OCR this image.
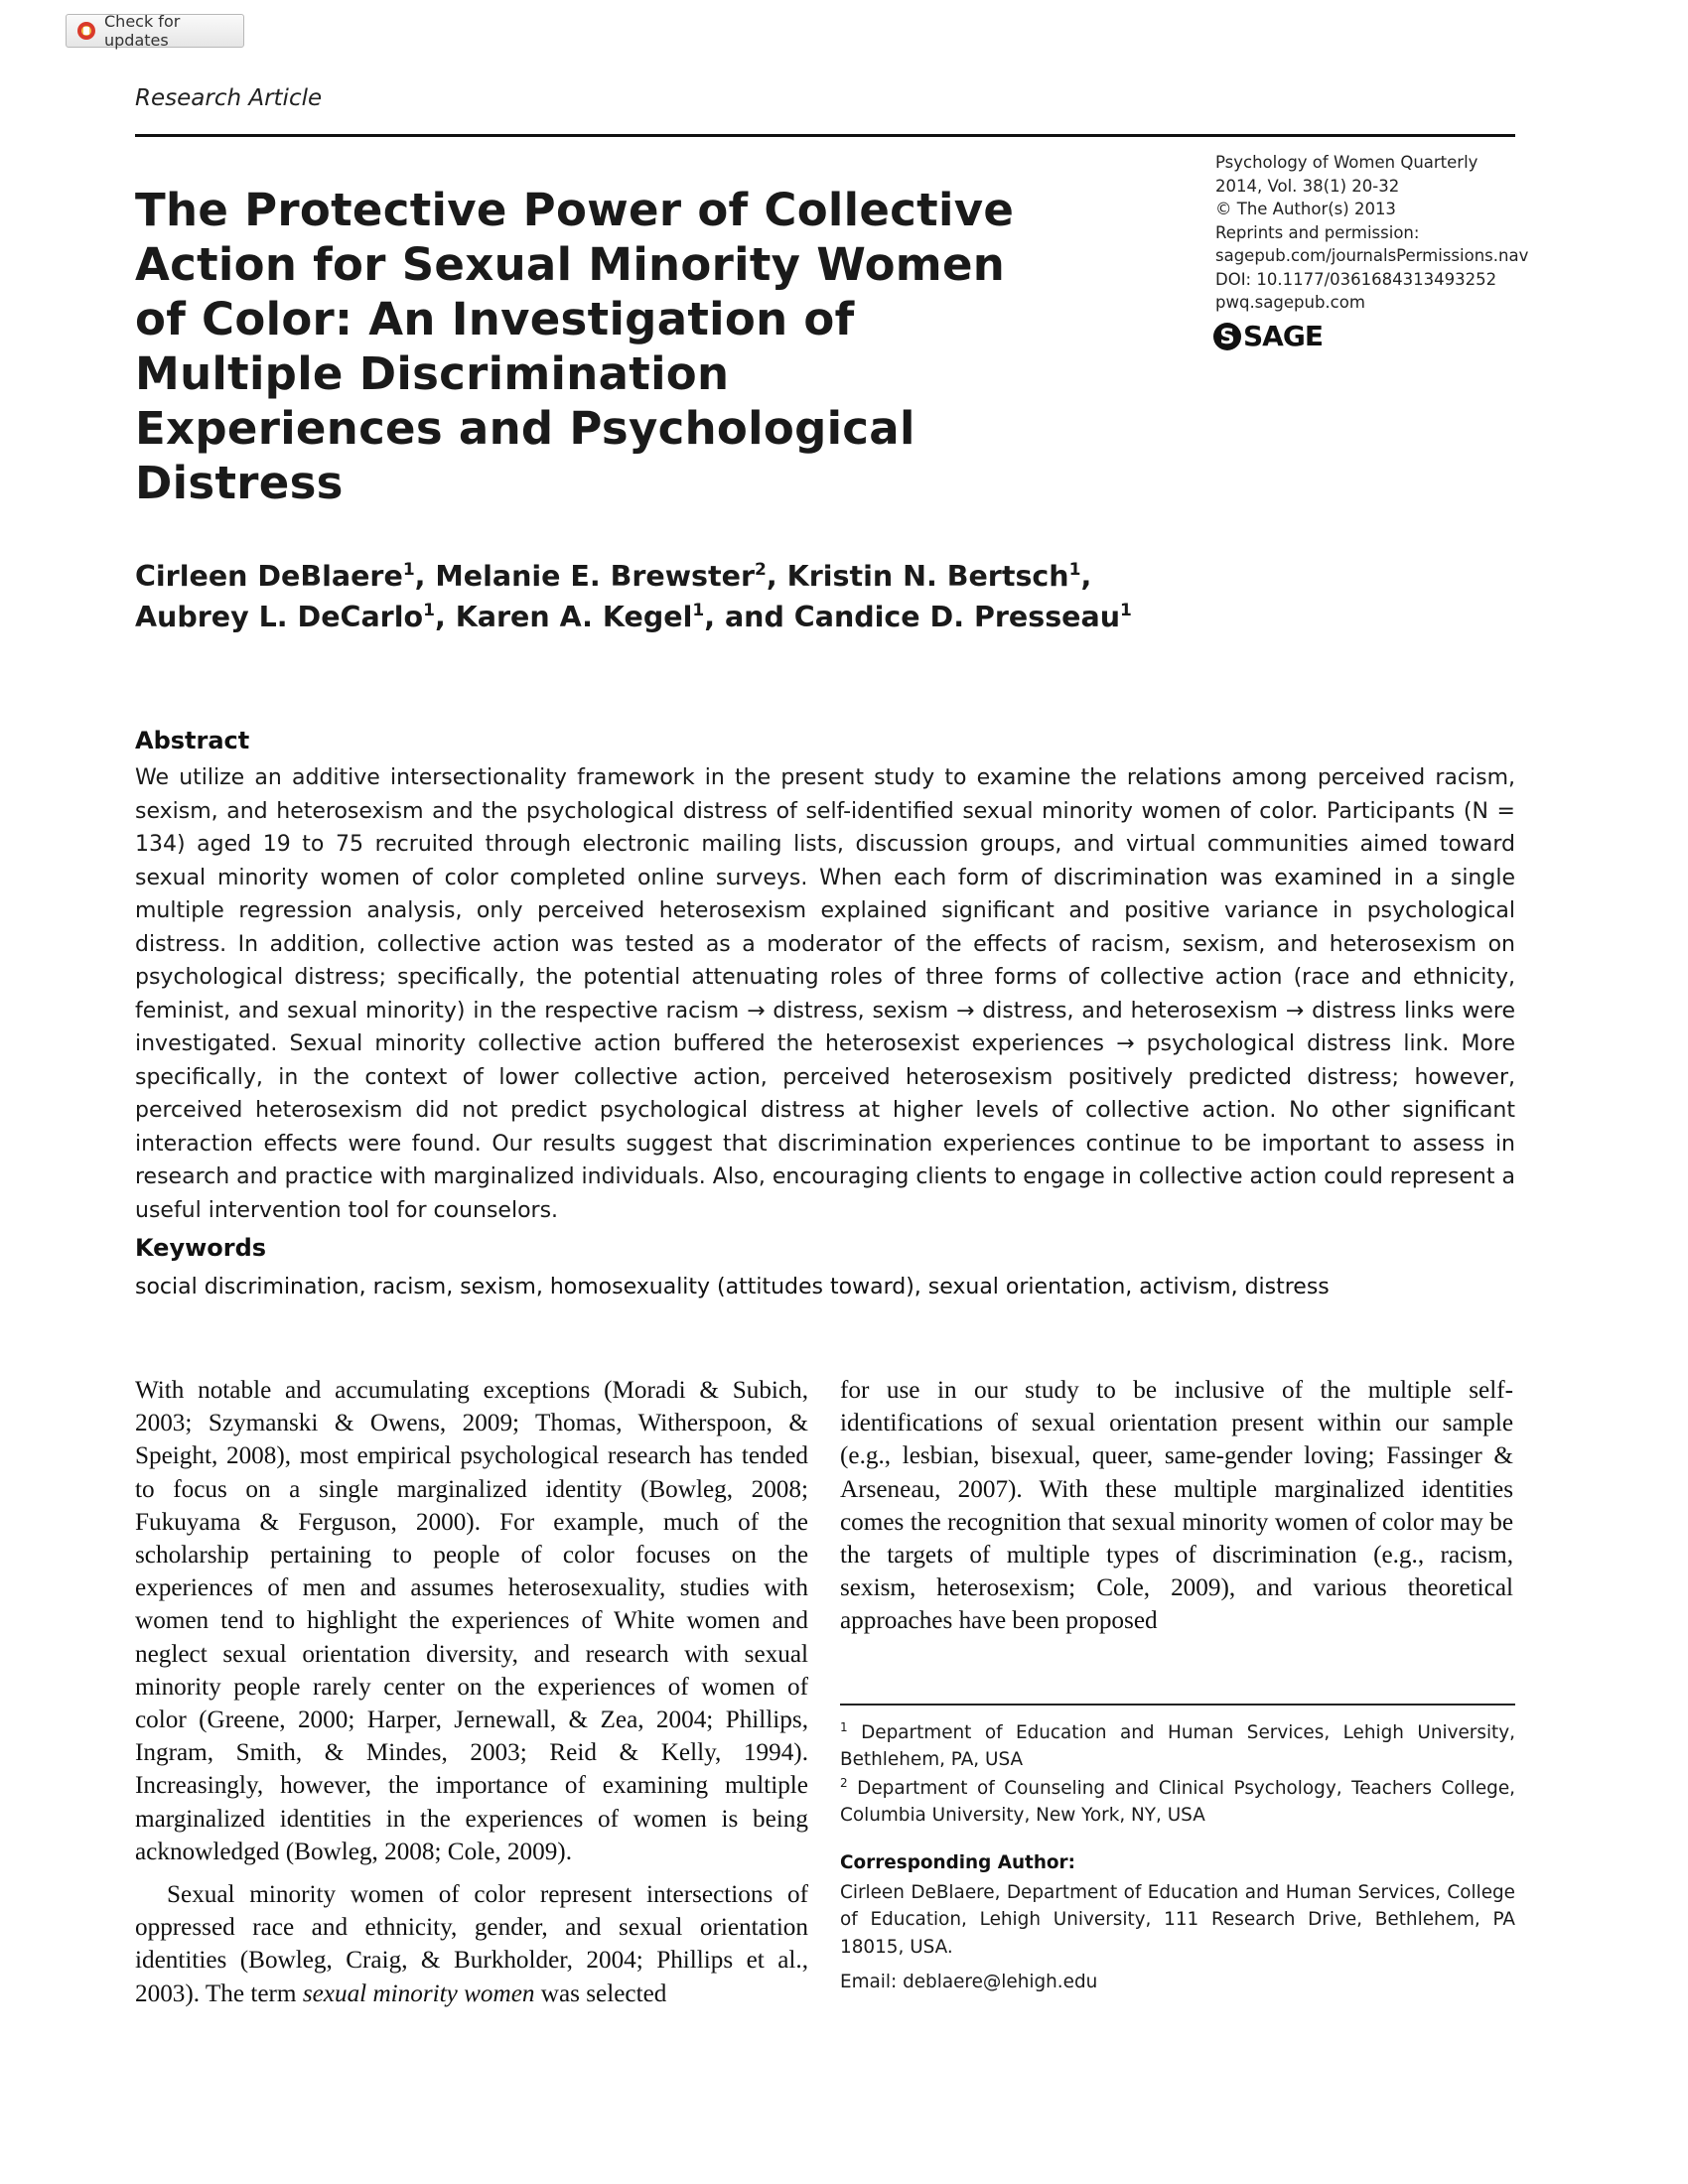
Check for updates
Research Article
The Protective Power of Collective Action for Sexual Minority Women of Color: An Investigation of Multiple Discrimination Experiences and Psychological Distress
Psychology of Women Quarterly
2014, Vol. 38(1) 20-32
© The Author(s) 2013
Reprints and permission:
sagepub.com/journalsPermissions.nav
DOI: 10.1177/0361684313493252
pwq.sagepub.com
S SAGE
Cirleen DeBlaere$^1$, Melanie E. Brewster$^2$, Kristin N. Bertsch$^1$,
Aubrey L. DeCarlo$^1$, Karen A. Kegel$^1$, and Candice D. Presseau$^1$
Abstract
We utilize an additive intersectionality framework in the present study to examine the relations among perceived racism, sexism, and heterosexism and the psychological distress of self-identified sexual minority women of color. Participants (N = 134) aged 19 to 75 recruited through electronic mailing lists, discussion groups, and virtual communities aimed toward sexual minority women of color completed online surveys. When each form of discrimination was examined in a single multiple regression analysis, only perceived heterosexism explained significant and positive variance in psychological distress. In addition, collective action was tested as a moderator of the effects of racism, sexism, and heterosexism on psychological distress; specifically, the potential attenuating roles of three forms of collective action (race and ethnicity, feminist, and sexual minority) in the respective racism → distress, sexism → distress, and heterosexism → distress links were investigated. Sexual minority collective action buffered the heterosexist experiences → psychological distress link. More specifically, in the context of lower collective action, perceived heterosexism positively predicted distress; however, perceived heterosexism did not predict psychological distress at higher levels of collective action. No other significant interaction effects were found. Our results suggest that discrimination experiences continue to be important to assess in research and practice with marginalized individuals. Also, encouraging clients to engage in collective action could represent a useful intervention tool for counselors.
Keywords
social discrimination, racism, sexism, homosexuality (attitudes toward), sexual orientation, activism, distress

With notable and accumulating exceptions (Moradi & Subich, 2003; Szymanski & Owens, 2009; Thomas, Witherspoon, & Speight, 2008), most empirical psychological research has tended to focus on a single marginalized identity (Bowleg, 2008; Fukuyama & Ferguson, 2000). For example, much of the scholarship pertaining to people of color focuses on the experiences of men and assumes heterosexuality, studies with women tend to highlight the experiences of White women and neglect sexual orientation diversity, and research with sexual minority people rarely center on the experiences of women of color (Greene, 2000; Harper, Jernewall, & Zea, 2004; Phillips, Ingram, Smith, & Mindes, 2003; Reid & Kelly, 1994). Increasingly, however, the importance of examining multiple marginalized identities in the experiences of women is being acknowledged (Bowleg, 2008; Cole, 2009).

Sexual minority women of color represent intersections of oppressed race and ethnicity, gender, and sexual orientation identities (Bowleg, Craig, & Burkholder, 2004; Phillips et al., 2003). The term sexual minority women was selected

for use in our study to be inclusive of the multiple self-identifications of sexual orientation present within our sample (e.g., lesbian, bisexual, queer, same-gender loving; Fassinger & Arseneau, 2007). With these multiple marginalized identities comes the recognition that sexual minority women of color may be the targets of multiple types of discrimination (e.g., racism, sexism, heterosexism; Cole, 2009), and various theoretical approaches have been proposed

$^1$ Department of Education and Human Services, Lehigh University, Bethlehem, PA, USA
$^2$ Department of Counseling and Clinical Psychology, Teachers College, Columbia University, New York, NY, USA
Corresponding Author:
Cirleen DeBlaere, Department of Education and Human Services, College of Education, Lehigh University, 111 Research Drive, Bethlehem, PA 18015, USA.
Email: deblaere@lehigh.edu
